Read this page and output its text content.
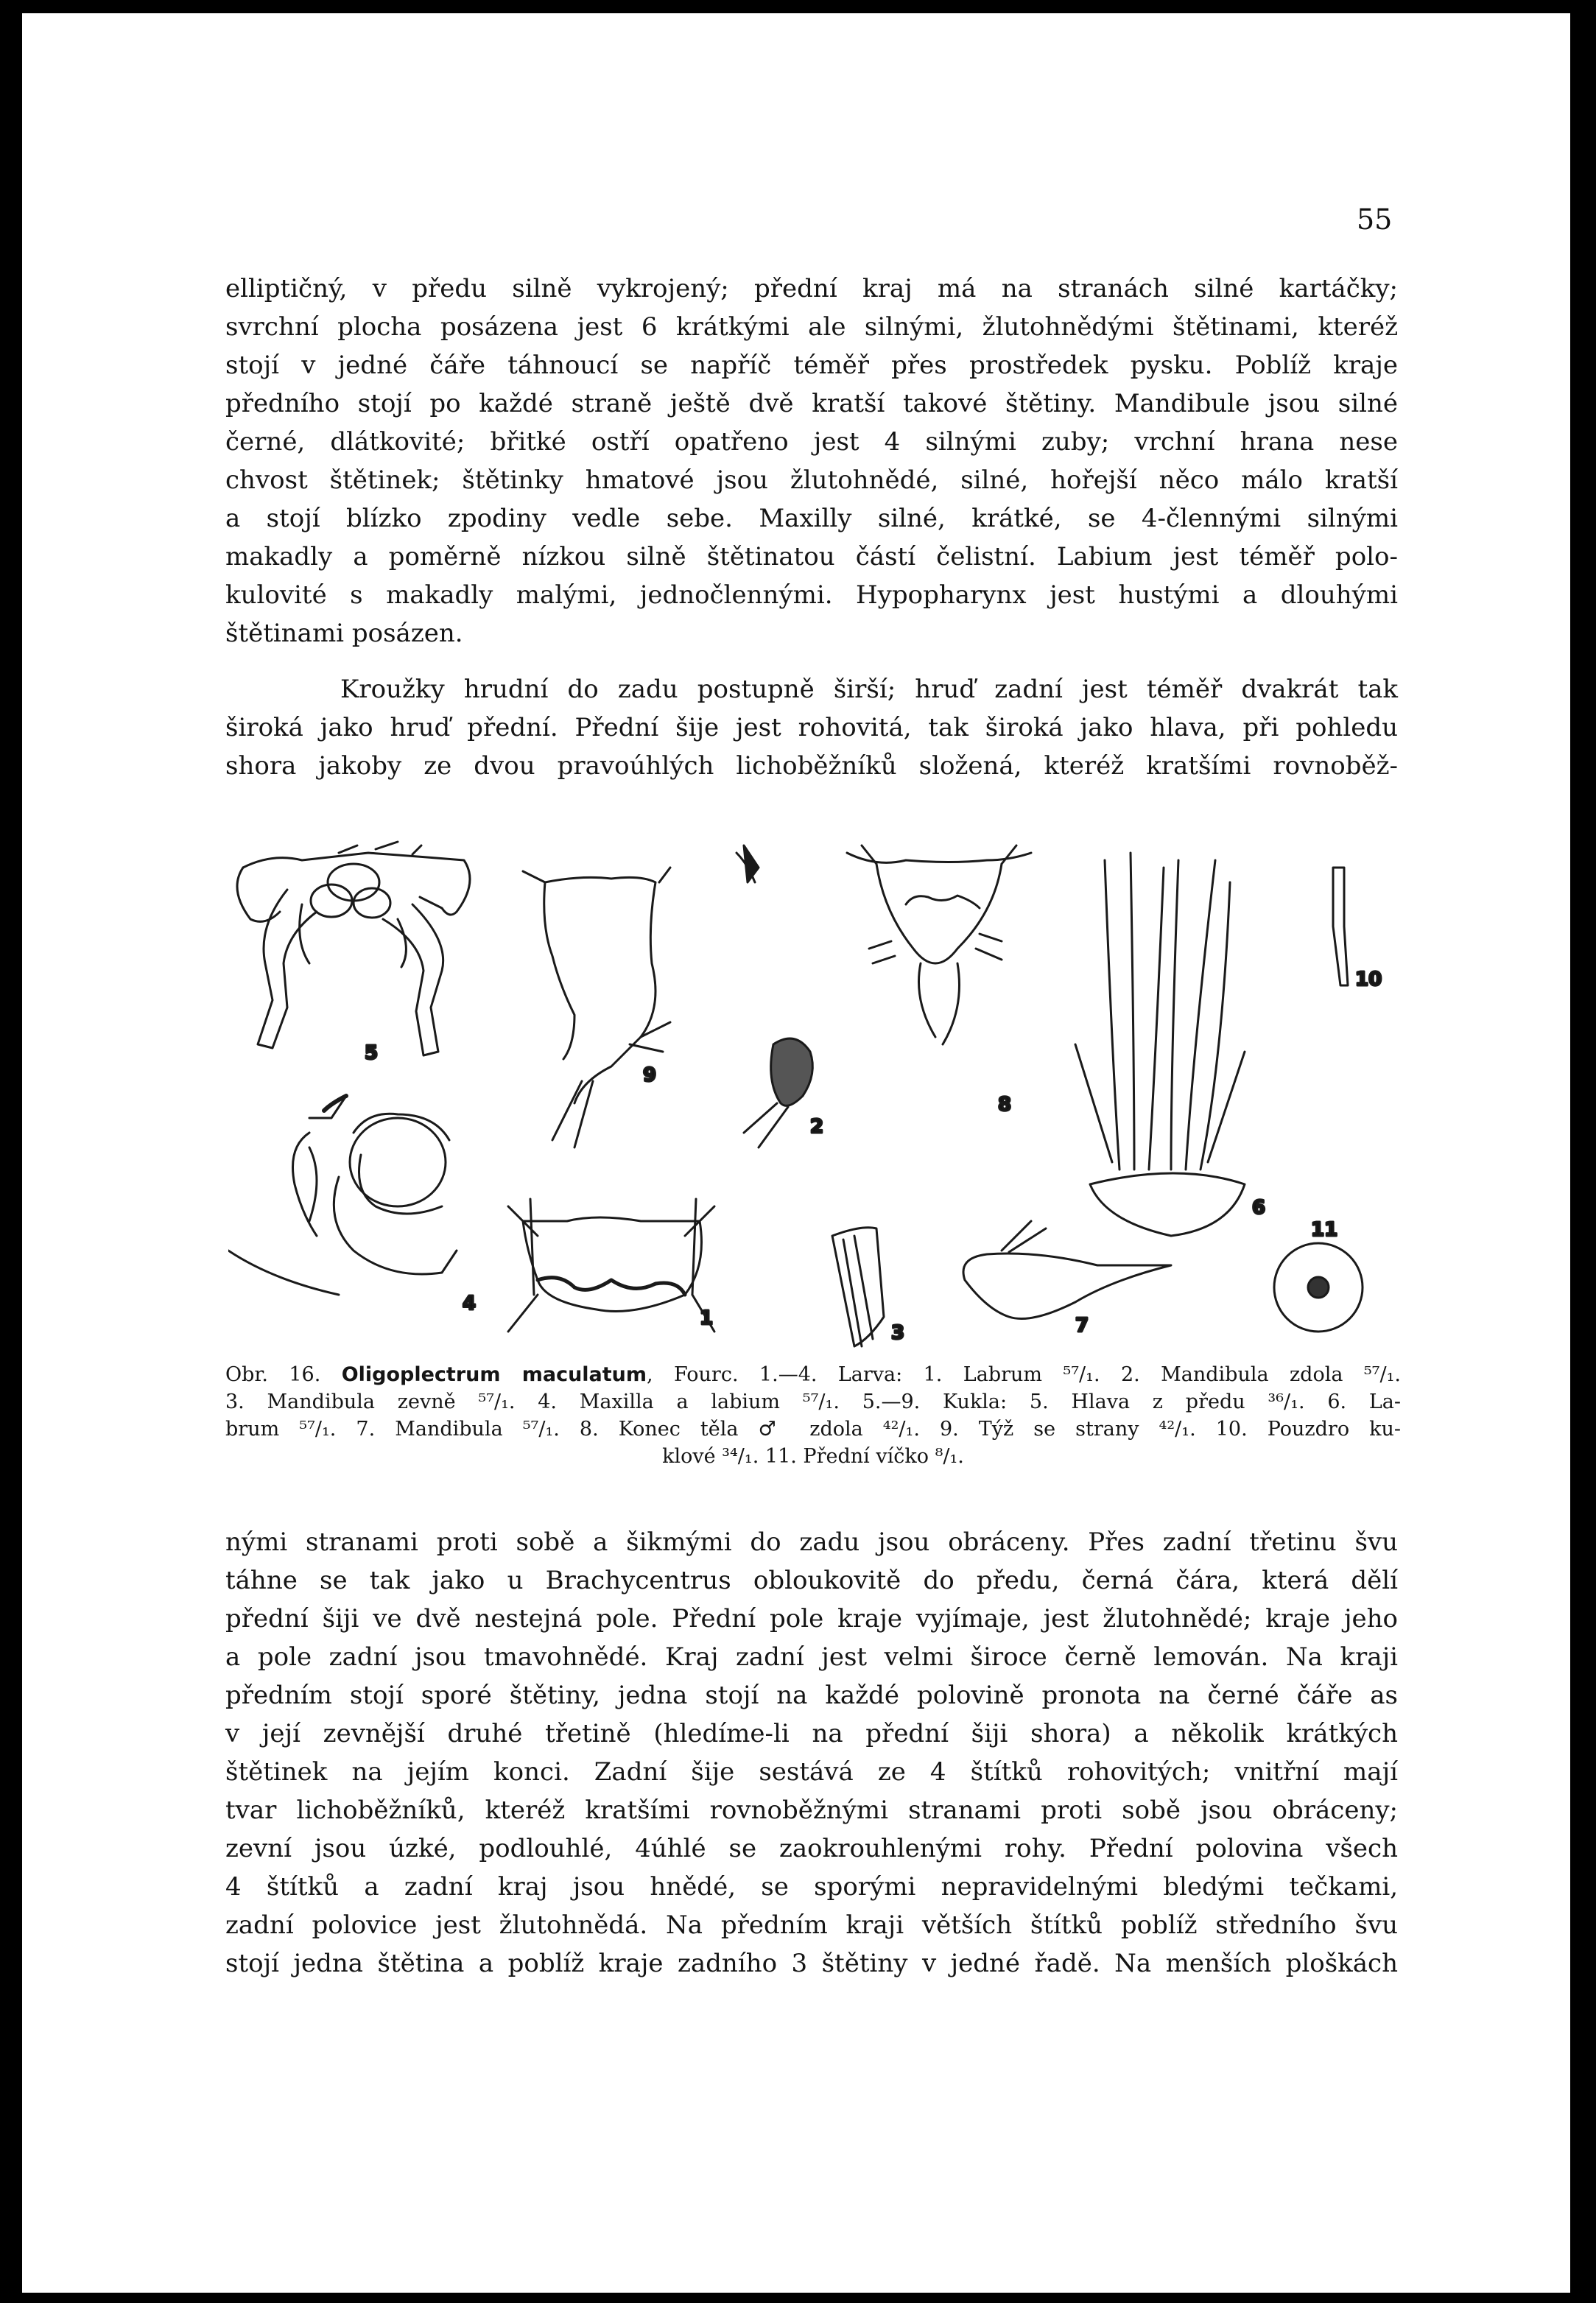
55
elliptičný, v předu silně vykrojený; přední kraj má na stranách silné kartáčky;
svrchní plocha posázena jest 6 krátkými ale silnými, žlutohnědými štětinami, kteréž
stojí v jedné čáře táhnoucí se napříč téměř přes prostředek pysku. Poblíž kraje
předního stojí po každé straně ještě dvě kratší takové štětiny. Mandibule jsou silné
černé, dlátkovité; břitké ostří opatřeno jest 4 silnými zuby; vrchní hrana nese
chvost štětinek; štětinky hmatové jsou žlutohnědé, silné, hořejší něco málo kratší
a stojí blízko zpodiny vedle sebe. Maxilly silné, krátké, se 4-člennými silnými
makadly a poměrně nízkou silně štětinatou částí čelistní. Labium jest téměř polo-
kulovité s makadly malými, jednočlennými. Hypopharynx jest hustými a dlouhými
štětinami posázen.
Kroužky hrudní do zadu postupně širší; hruď zadní jest téměř dvakrát tak
široká jako hruď přední. Přední šije jest rohovitá, tak široká jako hlava, při pohledu
shora jakoby ze dvou pravoúhlých lichoběžníků složená, kteréž kratšími rovnoběž-
5
9
2
8
10
4
1
3	7
6
11
Obr. 16. Oligoplectrum maculatum, Fourc. 1.—4. Larva: 1. Labrum ⁵⁷/₁. 2. Mandibula zdola ⁵⁷/₁.
3. Mandibula zevně ⁵⁷/₁. 4. Maxilla a labium ⁵⁷/₁. 5.—9. Kukla: 5. Hlava z předu ³⁶/₁. 6. La-
brum ⁵⁷/₁. 7. Mandibula ⁵⁷/₁. 8. Konec těla ♂ zdola ⁴²/₁. 9. Týž se strany ⁴²/₁. 10. Pouzdro ku-
klové ³⁴/₁. 11. Přední víčko ⁸/₁.
nými stranami proti sobě a šikmými do zadu jsou obráceny. Přes zadní třetinu švu
táhne se tak jako u Brachycentrus obloukovitě do předu, černá čára, která dělí
přední šiji ve dvě nestejná pole. Přední pole kraje vyjímaje, jest žlutohnědé; kraje jeho
a pole zadní jsou tmavohnědé. Kraj zadní jest velmi široce černě lemován. Na kraji
předním stojí sporé štětiny, jedna stojí na každé polovině pronota na černé čáře as
v její zevnější druhé třetině (hledíme-li na přední šiji shora) a několik krátkých
štětinek na jejím konci. Zadní šije sestává ze 4 štítků rohovitých; vnitřní mají
tvar lichoběžníků, kteréž kratšími rovnoběžnými stranami proti sobě jsou obráceny;
zevní jsou úzké, podlouhlé, 4úhlé se zaokrouhlenými rohy. Přední polovina všech
4 štítků a zadní kraj jsou hnědé, se sporými nepravidelnými bledými tečkami,
zadní polovice jest žlutohnědá. Na předním kraji větších štítků poblíž středního švu
stojí jedna štětina a poblíž kraje zadního 3 štětiny v jedné řadě. Na menších ploškách
